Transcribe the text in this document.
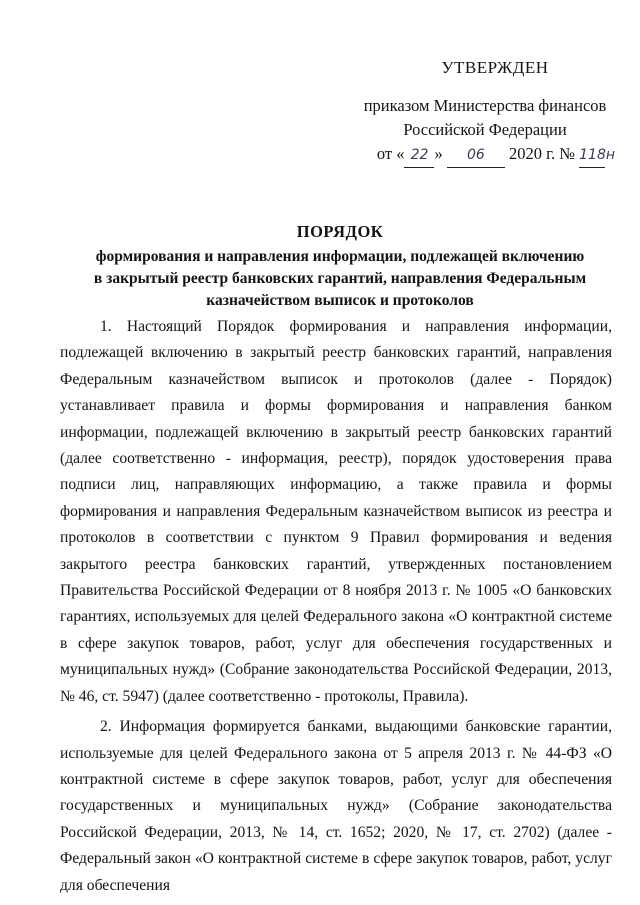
УТВЕРЖДЕН
приказом Министерства финансов
Российской Федерации
от « 22 » 06 2020 г. № 118н
ПОРЯДОК
формирования и направления информации, подлежащей включению
в закрытый реестр банковских гарантий, направления Федеральным
казначейством выписок и протоколов

1. Настоящий Порядок формирования и направления информации, подлежащей включению в закрытый реестр банковских гарантий, направления Федеральным казначейством выписок и протоколов (далее - Порядок) устанавливает правила и формы формирования и направления банком информации, подлежащей включению в закрытый реестр банковских гарантий (далее соответственно - информация, реестр), порядок удостоверения права подписи лиц, направляющих информацию, а также правила и формы формирования и направления Федеральным казначейством выписок из реестра и протоколов в соответствии с пунктом 9 Правил формирования и ведения закрытого реестра банковских гарантий, утвержденных постановлением Правительства Российской Федерации от 8 ноября 2013 г. № 1005 «О банковских гарантиях, используемых для целей Федерального закона «О контрактной системе в сфере закупок товаров, работ, услуг для обеспечения государственных и муниципальных нужд» (Собрание законодательства Российской Федерации, 2013, № 46, ст. 5947) (далее соответственно - протоколы, Правила).

2. Информация формируется банками, выдающими банковские гарантии, используемые для целей Федерального закона от 5 апреля 2013 г. № 44-ФЗ «О контрактной системе в сфере закупок товаров, работ, услуг для обеспечения государственных и муниципальных нужд» (Собрание законодательства Российской Федерации, 2013, № 14, ст. 1652; 2020, № 17, ст. 2702) (далее - Федеральный закон «О контрактной системе в сфере закупок товаров, работ, услуг для обеспечения
